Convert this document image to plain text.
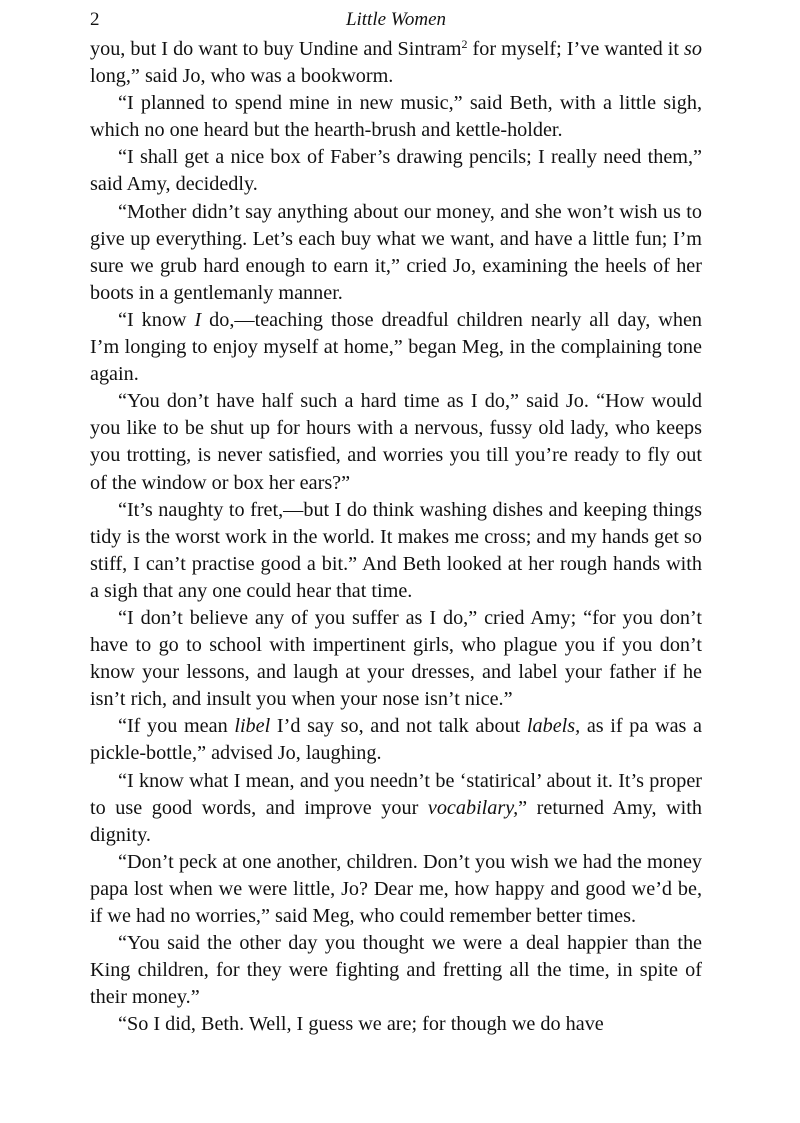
2	Little Women

you, but I do want to buy Undine and Sintram$^2$ for myself; I’ve wanted it so long,” said Jo, who was a bookworm.

“I planned to spend mine in new music,” said Beth, with a little sigh, which no one heard but the hearth-brush and kettle-holder.

“I shall get a nice box of Faber’s drawing pencils; I really need them,” said Amy, decidedly.

“Mother didn’t say anything about our money, and she won’t wish us to give up everything. Let’s each buy what we want, and have a little fun; I’m sure we grub hard enough to earn it,” cried Jo, examining the heels of her boots in a gentlemanly manner.

“I know I do,—teaching those dreadful children nearly all day, when I’m longing to enjoy myself at home,” began Meg, in the complaining tone again.

“You don’t have half such a hard time as I do,” said Jo. “How would you like to be shut up for hours with a nervous, fussy old lady, who keeps you trotting, is never satisfied, and worries you till you’re ready to fly out of the window or box her ears?”

“It’s naughty to fret,—but I do think washing dishes and keeping things tidy is the worst work in the world. It makes me cross; and my hands get so stiff, I can’t practise good a bit.” And Beth looked at her rough hands with a sigh that any one could hear that time.

“I don’t believe any of you suffer as I do,” cried Amy; “for you don’t have to go to school with impertinent girls, who plague you if you don’t know your lessons, and laugh at your dresses, and label your father if he isn’t rich, and insult you when your nose isn’t nice.”

“If you mean libel I’d say so, and not talk about labels, as if pa was a pickle-bottle,” advised Jo, laughing.

“I know what I mean, and you needn’t be ‘statirical’ about it. It’s proper to use good words, and improve your vocabilary,” returned Amy, with dignity.

“Don’t peck at one another, children. Don’t you wish we had the money papa lost when we were little, Jo? Dear me, how happy and good we’d be, if we had no worries,” said Meg, who could remember better times.

“You said the other day you thought we were a deal happier than the King children, for they were fighting and fretting all the time, in spite of their money.”

“So I did, Beth. Well, I guess we are; for though we do have
